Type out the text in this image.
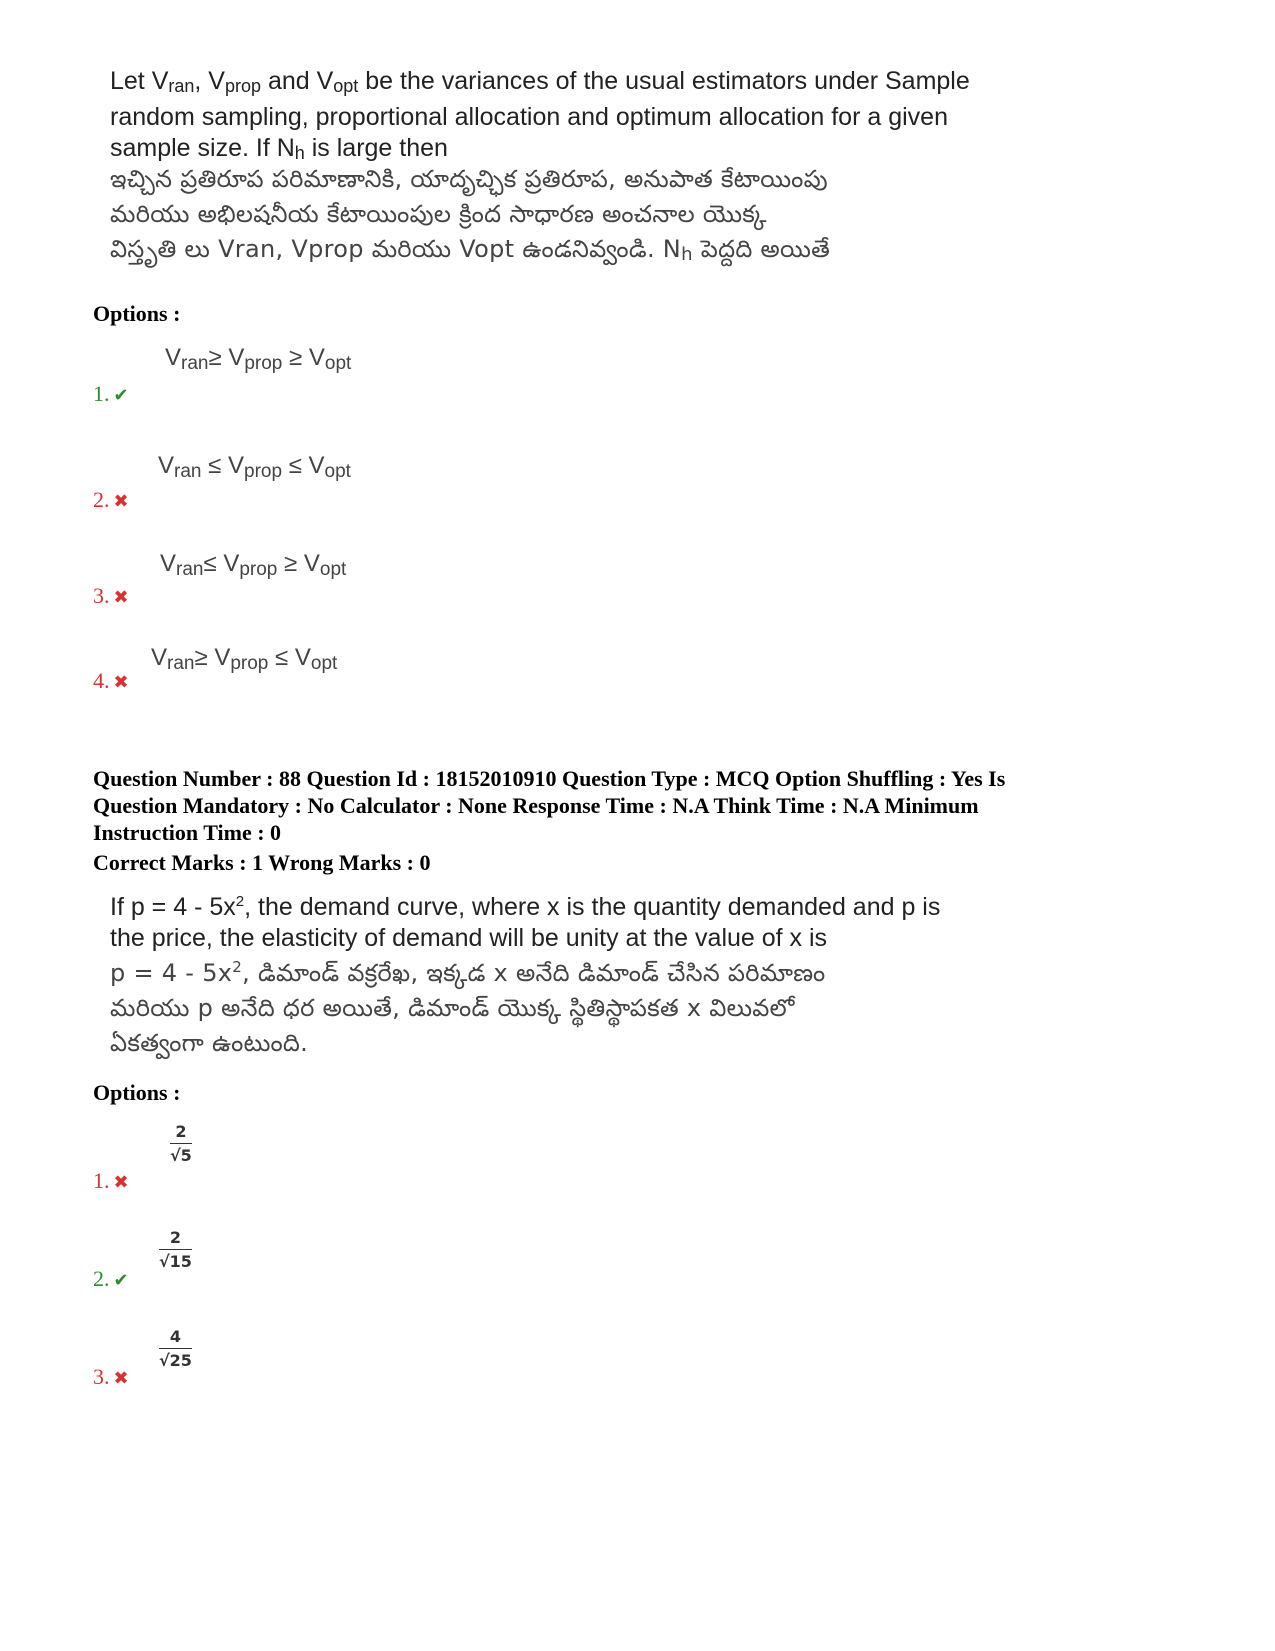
Let $V_{ran}$, $V_{prop}$ and $V_{opt}$ be the variances of the usual estimators under Sample
random sampling, proportional allocation and optimum allocation for a given
sample size. If $N_h$ is large then
ఇచ్చిన ప్రతిరూప పరిమాణానికి, యాదృచ్ఛిక ప్రతిరూప, అనుపాత కేటాయింపు
మరియు అభిలషనీయ కేటాయింపుల క్రింద సాధారణ అంచనాల యొక్క
విస్తృతి లు Vran, Vprop మరియు Vopt ఉండనివ్వండి. $N_h$ పెద్దది అయితే
Options :
$V_{ran}\ge V_{prop} \ge V_{opt}$
1. ✔
$V_{ran} \le V_{prop} \le V_{opt}$
2. ✖
$V_{ran}\le V_{prop} \ge V_{opt}$
3. ✖
$V_{ran}\ge V_{prop} \le V_{opt}$
4. ✖
Question Number : 88 Question Id : 18152010910 Question Type : MCQ Option Shuffling : Yes Is
Question Mandatory : No Calculator : None Response Time : N.A Think Time : N.A Minimum
Instruction Time : 0
Correct Marks : 1 Wrong Marks : 0
If $p = 4 - 5x^2$, the demand curve, where x is the quantity demanded and p is
the price, the elasticity of demand will be unity at the value of x is
$p = 4 - 5x^2$, డిమాండ్ వక్రరేఖ, ఇక్కడ x అనేది డిమాండ్ చేసిన పరిమాణం
మరియు p అనేది ధర అయితే, డిమాండ్ యొక్క స్థితిస్థాపకత x విలువలో
ఏకత్వంగా ఉంటుంది.
Options :
$\frac{2}{√5}$
1. ✖
$\frac{2}{√15}$
2. ✔
$\frac{4}{√25}$
3. ✖
